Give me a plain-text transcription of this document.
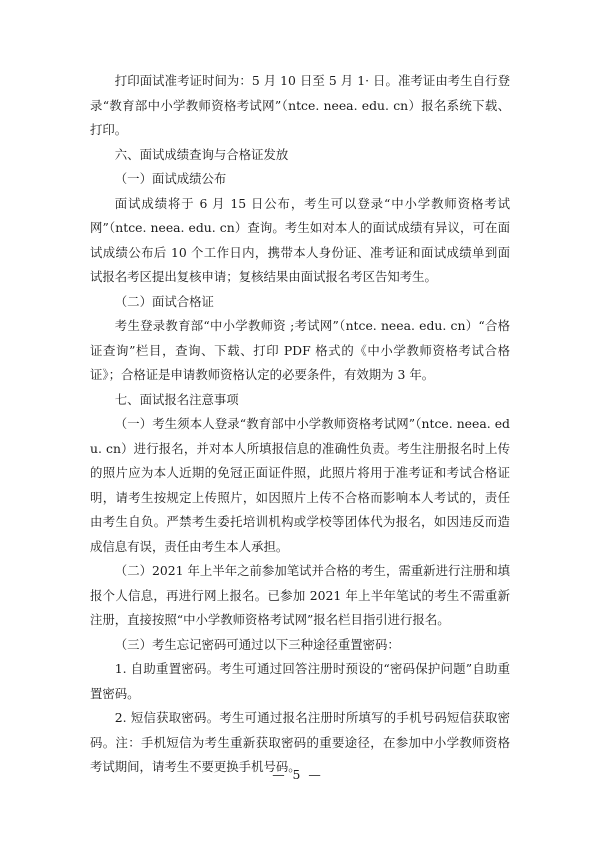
打印面试准考证时间为：5 月 10 日至 5 月 1· 日。准考证由考生自行登录“教育部中小学教师资格考试网”（ntce. neea. edu. cn）报名系统下载、打印。

六、面试成绩查询与合格证发放

（一）面试成绩公布

面试成绩将于 6 月 15 日公布，考生可以登录“中小学教师资格考试网”（ntce. neea. edu. cn）查询。考生如对本人的面试成绩有异议，可在面试成绩公布后 10 个工作日内，携带本人身份证、准考证和面试成绩单到面试报名考区提出复核申请；复核结果由面试报名考区告知考生。

（二）面试合格证

考生登录教育部“中小学教师资 ;考试网”（ntce. neea. edu. cn）“合格证查询”栏目，查询、下载、打印 PDF 格式的《中小学教师资格考试合格证》；合格证是申请教师资格认定的必要条件，有效期为 3 年。

七、面试报名注意事项

（一）考生须本人登录“教育部中小学教师资格考试网”（ntce. neea. edu. cn）进行报名，并对本人所填报信息的准确性负责。考生注册报名时上传的照片应为本人近期的免冠正面证件照，此照片将用于准考证和考试合格证明，请考生按规定上传照片，如因照片上传不合格而影响本人考试的，责任由考生自负。严禁考生委托培训机构或学校等团体代为报名，如因违反而造成信息有误，责任由考生本人承担。

（二）2021 年上半年之前参加笔试并合格的考生，需重新进行注册和填报个人信息，再进行网上报名。已参加 2021 年上半年笔试的考生不需重新注册，直接按照“中小学教师资格考试网”报名栏目指引进行报名。

（三）考生忘记密码可通过以下三种途径重置密码：

1. 自助重置密码。考生可通过回答注册时预设的“密码保护问题”自助重置密码。

2. 短信获取密码。考生可通过报名注册时所填写的手机号码短信获取密码。注：手机短信为考生重新获取密码的重要途径，在参加中小学教师资格考试期间，请考生不要更换手机号码。

— 5 —
